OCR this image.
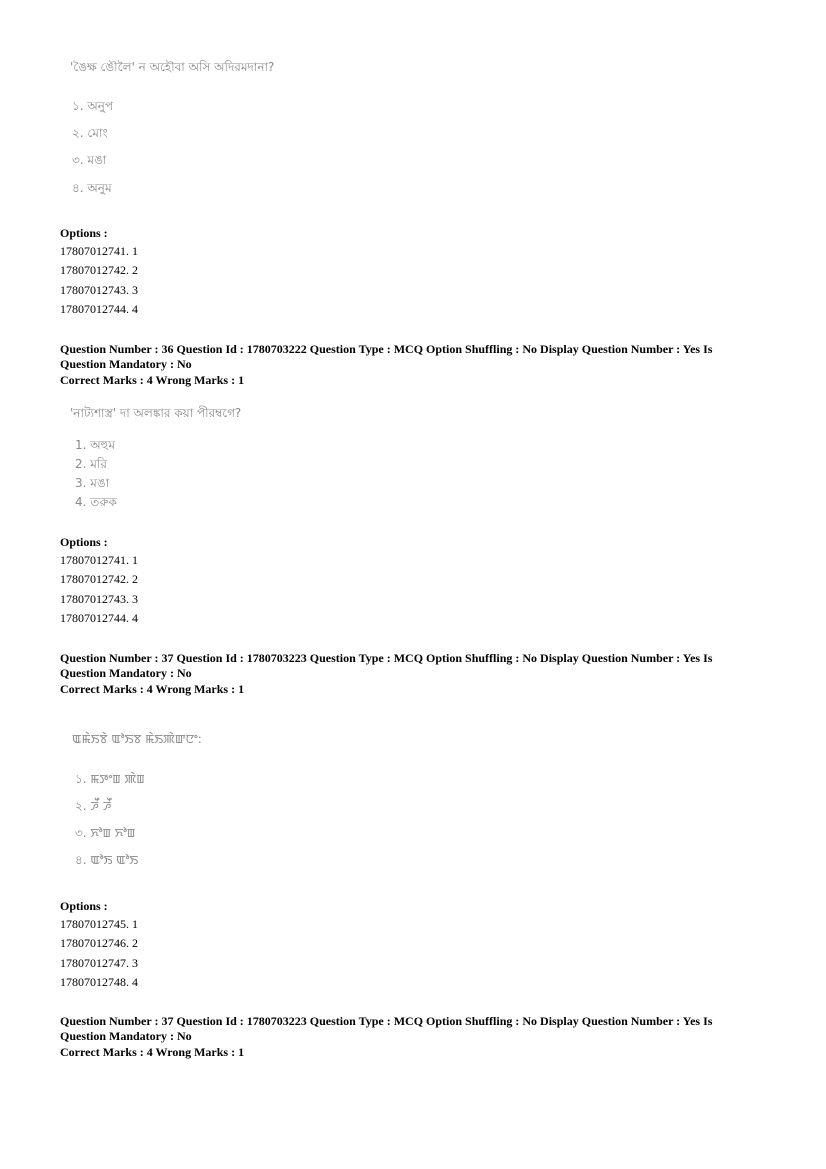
'ঙৈক্ষ ঙৌলৈ' ন অহৌবা অসি অদিরমদানা?
১. অনুপ
২. মোং
৩. মঙা
৪. অনুম
Options :
17807012741. 1
17807012742. 2
17807012743. 3
17807012744. 4
Question Number : 36 Question Id : 1780703222 Question Type : MCQ Option Shuffling : No Display Question Number : Yes Is
Question Mandatory : No
Correct Marks : 4 Wrong Marks : 1
'নাট্যশাস্ত্র' দা অলঙ্কার কয়া পীরম্বগে?
1. অহুম
2. মরি
3. মঙা
4. তরুক
Options :
17807012741. 1
17807012742. 2
17807012743. 3
17807012744. 4
Question Number : 37 Question Id : 1780703223 Question Type : MCQ Option Shuffling : No Display Question Number : Yes Is
Question Mandatory : No
Correct Marks : 4 Wrong Marks : 1
ꯑꯃꯥꯏꯕꯥ ꯑꯣꯏꯕ ꯃꯥꯏꯄꯥꯛꯅꯦ:
১. ꯃꯇꯦꯡ ꯄꯥꯡ
২. ꯍꯩ ꯍꯩ
৩. ꯈꯣꯡ ꯈꯣꯡ
৪. ꯑꯣꯏ ꯑꯣꯏ
Options :
17807012745. 1
17807012746. 2
17807012747. 3
17807012748. 4
Question Number : 37 Question Id : 1780703223 Question Type : MCQ Option Shuffling : No Display Question Number : Yes Is
Question Mandatory : No
Correct Marks : 4 Wrong Marks : 1
